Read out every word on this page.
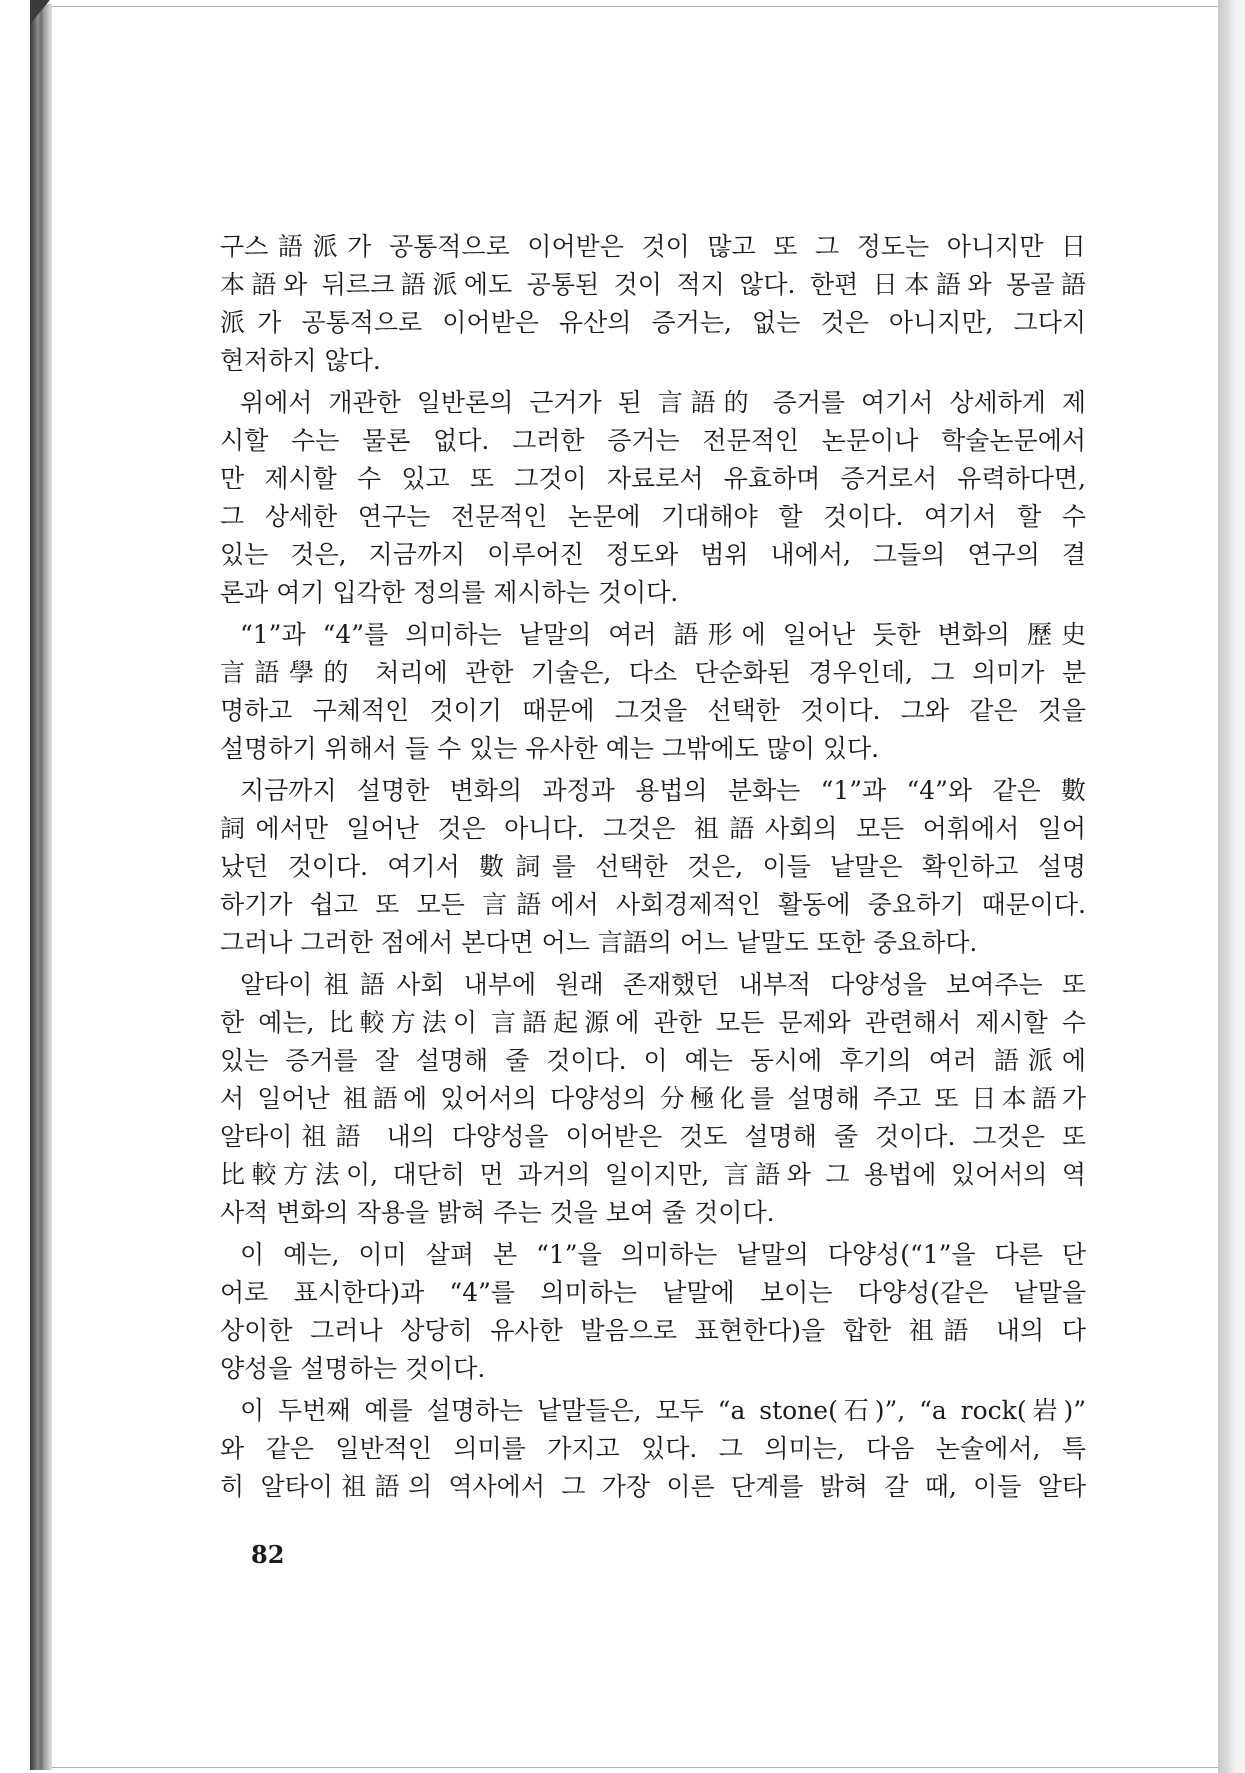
구스語派가 공통적으로 이어받은 것이 많고 또 그 정도는 아니지만 日
本語와 뒤르크語派에도 공통된 것이 적지 않다. 한편 日本語와 몽골語
派가 공통적으로 이어받은 유산의 증거는, 없는 것은 아니지만, 그다지
현저하지 않다.
위에서 개관한 일반론의 근거가 된 言語的 증거를 여기서 상세하게 제
시할 수는 물론 없다. 그러한 증거는 전문적인 논문이나 학술논문에서
만 제시할 수 있고 또 그것이 자료로서 유효하며 증거로서 유력하다면,
그 상세한 연구는 전문적인 논문에 기대해야 할 것이다. 여기서 할 수
있는 것은, 지금까지 이루어진 정도와 범위 내에서, 그들의 연구의 결
론과 여기 입각한 정의를 제시하는 것이다.
“1”과 “4”를 의미하는 낱말의 여러 語形에 일어난 듯한 변화의 歷史
言語學的 처리에 관한 기술은, 다소 단순화된 경우인데, 그 의미가 분
명하고 구체적인 것이기 때문에 그것을 선택한 것이다. 그와 같은 것을
설명하기 위해서 들 수 있는 유사한 예는 그밖에도 많이 있다.
지금까지 설명한 변화의 과정과 용법의 분화는 “1”과 “4”와 같은 數
詞에서만 일어난 것은 아니다. 그것은 祖語사회의 모든 어휘에서 일어
났던 것이다. 여기서 數詞를 선택한 것은, 이들 낱말은 확인하고 설명
하기가 쉽고 또 모든 言語에서 사회경제적인 활동에 중요하기 때문이다.
그러나 그러한 점에서 본다면 어느 言語의 어느 낱말도 또한 중요하다.
알타이祖語사회 내부에 원래 존재했던 내부적 다양성을 보여주는 또
한 예는, 比較方法이 言語起源에 관한 모든 문제와 관련해서 제시할 수
있는 증거를 잘 설명해 줄 것이다. 이 예는 동시에 후기의 여러 語派에
서 일어난 祖語에 있어서의 다양성의 分極化를 설명해 주고 또 日本語가
알타이祖語 내의 다양성을 이어받은 것도 설명해 줄 것이다. 그것은 또
比較方法이, 대단히 먼 과거의 일이지만, 言語와 그 용법에 있어서의 역
사적 변화의 작용을 밝혀 주는 것을 보여 줄 것이다.
이 예는, 이미 살펴 본 “1”을 의미하는 낱말의 다양성(“1”을 다른 단
어로 표시한다)과 “4”를 의미하는 낱말에 보이는 다양성(같은 낱말을
상이한 그러나 상당히 유사한 발음으로 표현한다)을 합한 祖語 내의 다
양성을 설명하는 것이다.
이 두번째 예를 설명하는 낱말들은, 모두 “a stone(石)”, “a rock(岩)”
와 같은 일반적인 의미를 가지고 있다. 그 의미는, 다음 논술에서, 특
히 알타이祖語의 역사에서 그 가장 이른 단계를 밝혀 갈 때, 이들 알타
82
